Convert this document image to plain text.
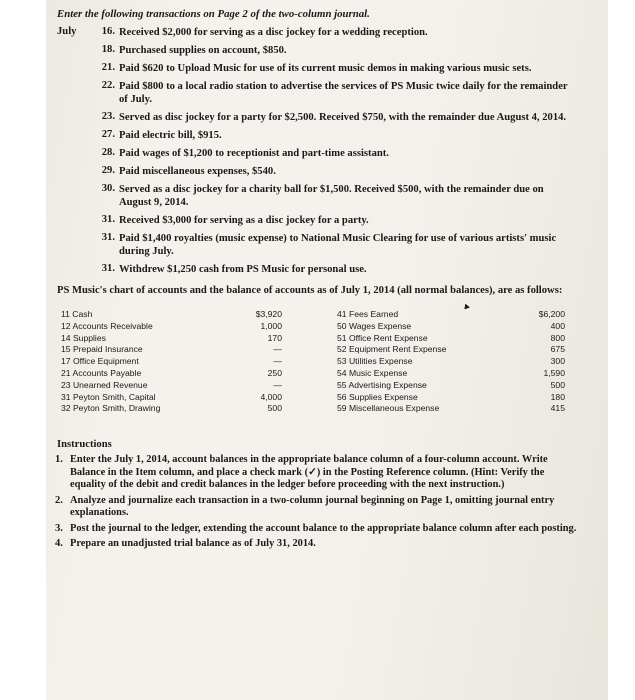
Enter the following transactions on Page 2 of the two-column journal.

July	16. Received $2,000 for serving as a disc jockey for a wedding reception.
18. Purchased supplies on account, $850.
21. Paid $620 to Upload Music for use of its current music demos in making various music sets.
22. Paid $800 to a local radio station to advertise the services of PS Music twice daily for the remainder of July.
23. Served as disc jockey for a party for $2,500. Received $750, with the remainder due August 4, 2014.
27. Paid electric bill, $915.
28. Paid wages of $1,200 to receptionist and part-time assistant.
29. Paid miscellaneous expenses, $540.
30. Served as a disc jockey for a charity ball for $1,500. Received $500, with the remainder due on August 9, 2014.
31. Received $3,000 for serving as a disc jockey for a party.
31. Paid $1,400 royalties (music expense) to National Music Clearing for use of various artists' music during July.
31. Withdrew $1,250 cash from PS Music for personal use.
PS Music's chart of accounts and the balance of accounts as of July 1, 2014 (all normal balances), are as follows:
11 Cash	$3,920
12 Accounts Receivable	1,000
14 Supplies	170
15 Prepaid Insurance	—
17 Office Equipment	—
21 Accounts Payable	250
23 Unearned Revenue	—
31 Peyton Smith, Capital	4,000
32 Peyton Smith, Drawing	500
41 Fees Earned	$6,200
50 Wages Expense	400
51 Office Rent Expense	800
52 Equipment Rent Expense	675
53 Utilities Expense	300
54 Music Expense	1,590
55 Advertising Expense	500
56 Supplies Expense	180
59 Miscellaneous Expense	415
Instructions
1. Enter the July 1, 2014, account balances in the appropriate balance column of a four-column account. Write Balance in the Item column, and place a check mark (✓) in the Posting Reference column. (Hint: Verify the equality of the debit and credit balances in the ledger before proceeding with the next instruction.)
2. Analyze and journalize each transaction in a two-column journal beginning on Page 1, omitting journal entry explanations.
3. Post the journal to the ledger, extending the account balance to the appropriate balance column after each posting.
4. Prepare an unadjusted trial balance as of July 31, 2014.
